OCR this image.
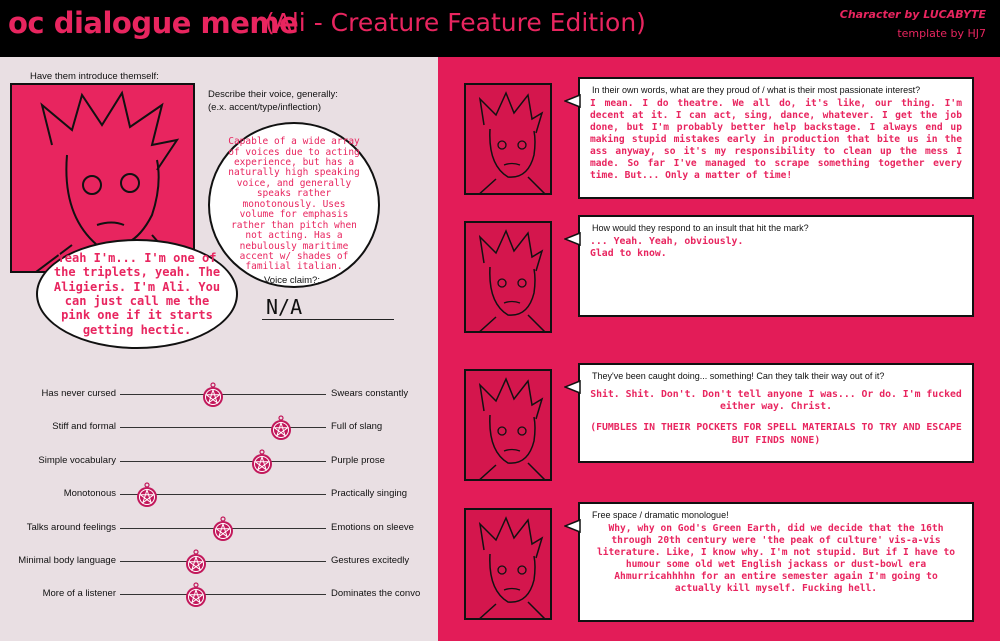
oc dialogue meme
(Ali - Creature Feature Edition)	Character by LUCABYTE
template by HJ7
Have them introduce themself:
Describe their voice, generally:
(e.x. accent/type/inflection)
Capable of a wide array of voices due to acting experience, but has a naturally high speaking voice, and generally speaks rather monotonously. Uses volume for emphasis rather than pitch when not acting. Has a nebulously maritime accent w/ shades of familial italian.
Yeah I'm... I'm one of the triplets, yeah. The Aligieris. I'm Ali. You can just call me the pink one if it starts getting hectic.
Voice claim?:
N/A
Has never cursed	Swears constantly
Stiff and formal	Full of slang
Simple vocabulary	Purple prose
Monotonous	Practically singing
Talks around feelings	Emotions on sleeve
Minimal body language	Gestures excitedly
More of a listener	Dominates the convo
In their own words, what are they proud of / what is their most passionate interest?

I mean. I do theatre. We all do, it's like, our thing. I'm decent at it. I can act, sing, dance, whatever. I get the job done, but I'm probably better help backstage. I always end up making stupid mistakes early in production that bite us in the ass anyway, so it's my responsibility to clean up the mess I made. So far I've managed to scrape something together every time. But... Only a matter of time!

How would they respond to an insult that hit the mark?

... Yeah. Yeah, obviously.

Glad to know.

They've been caught doing... something! Can they talk their way out of it?

Shit. Shit. Don't. Don't tell anyone I was... Or do. I'm fucked either way. Christ.

(FUMBLES IN THEIR POCKETS FOR SPELL MATERIALS TO TRY AND ESCAPE BUT FINDS NONE)

Free space / dramatic monologue!

Why, why on God's Green Earth, did we decide that the 16th through 20th century were 'the peak of culture' vis-a-vis literature. Like, I know why. I'm not stupid. But if I have to humour some old wet English jackass or dust-bowl era Ahmurricahhhhn for an entire semester again I'm going to actually kill myself. Fucking hell.
